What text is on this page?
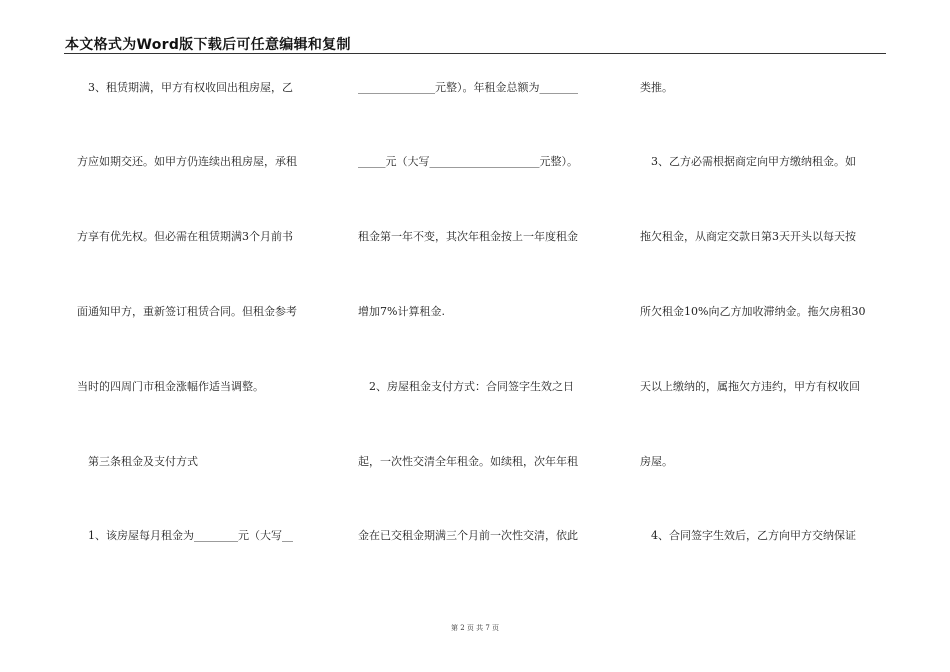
本文格式为Word版下载后可任意编辑和复制
　3、租赁期满，甲方有权收回出租房屋，乙
方应如期交还。如甲方仍连续出租房屋，承租
方享有优先权。但必需在租赁期满3个月前书
面通知甲方，重新签订租赁合同。但租金参考
当时的四周门市租金涨幅作适当调整。
　第三条租金及支付方式
　1、该房屋每月租金为________元（大写__
______________元整）。年租金总额为_______
_____元（大写____________________元整）。
租金第一年不变，其次年租金按上一年度租金
增加7%计算租金.
　2、房屋租金支付方式：合同签字生效之日
起，一次性交清全年租金。如续租，次年年租
金在已交租金期满三个月前一次性交清，依此
类推。
　3、乙方必需根据商定向甲方缴纳租金。如
拖欠租金，从商定交款日第3天开头以每天按
所欠租金10%向乙方加收滞纳金。拖欠房租30
天以上缴纳的，属拖欠方违约，甲方有权收回
房屋。
　4、合同签字生效后，乙方向甲方交纳保证
第 2 页 共 7 页
